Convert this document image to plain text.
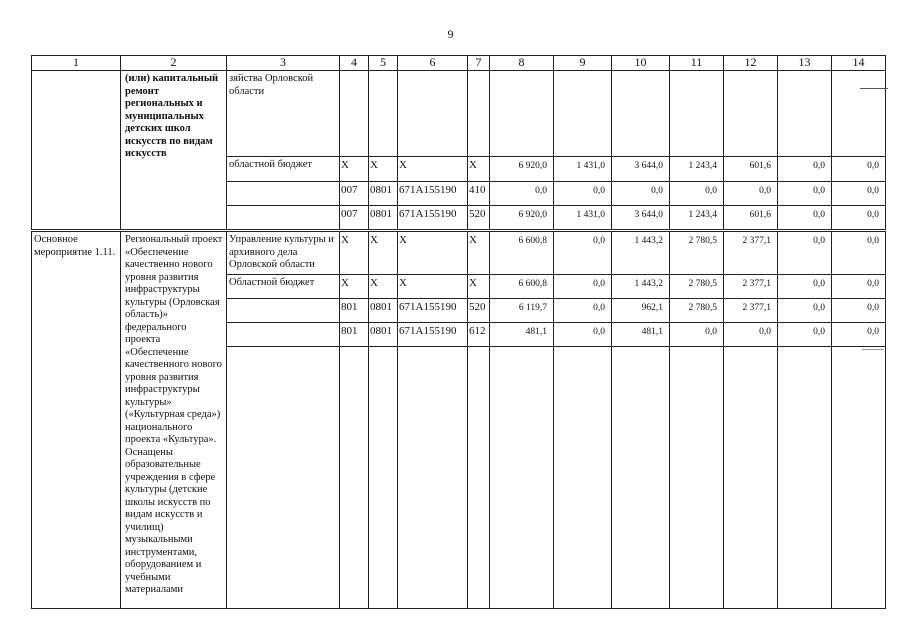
9
1	2	3	4	5	6	7	8	9	10	11	12	13	14
	(или) капитальный ремонт региональных и муниципальных детских школ искусств по видам искусств	зяйства Орловской области											
		областной бюджет	X	X	X	X	6 920,0	1 431,0	3 644,0	1 243,4	601,6	0,0	0,0
			007	0801	671A155190	410	0,0	0,0	0,0	0,0	0,0	0,0	0,0
			007	0801	671A155190	520	6 920,0	1 431,0	3 644,0	1 243,4	601,6	0,0	0,0
Основное мероприятие 1.11.	Региональный проект «Обеспечение качественно нового уровня развития инфраструктуры культуры (Орловская область)» федерального проекта «Обеспечение качественного нового уровня развития инфраструктуры культуры» («Культурная среда») национального проекта «Культура». Оснащены образовательные учреждения в сфере культуры (детские школы искусств по видам искусств и училищ) музыкальными инструментами, оборудованием и учебными материалами	Управление культуры и архивного дела Орловской области	X	X	X	X	6 600,8	0,0	1 443,2	2 780,5	2 377,1	0,0	0,0
		Областной бюджет	X	X	X	X	6 600,8	0,0	1 443,2	2 780,5	2 377,1	0,0	0,0
			801	0801	671A155190	520	6 119,7	0,0	962,1	2 780,5	2 377,1	0,0	0,0
			801	0801	671A155190	612	481,1	0,0	481,1	0,0	0,0	0,0	0,0
